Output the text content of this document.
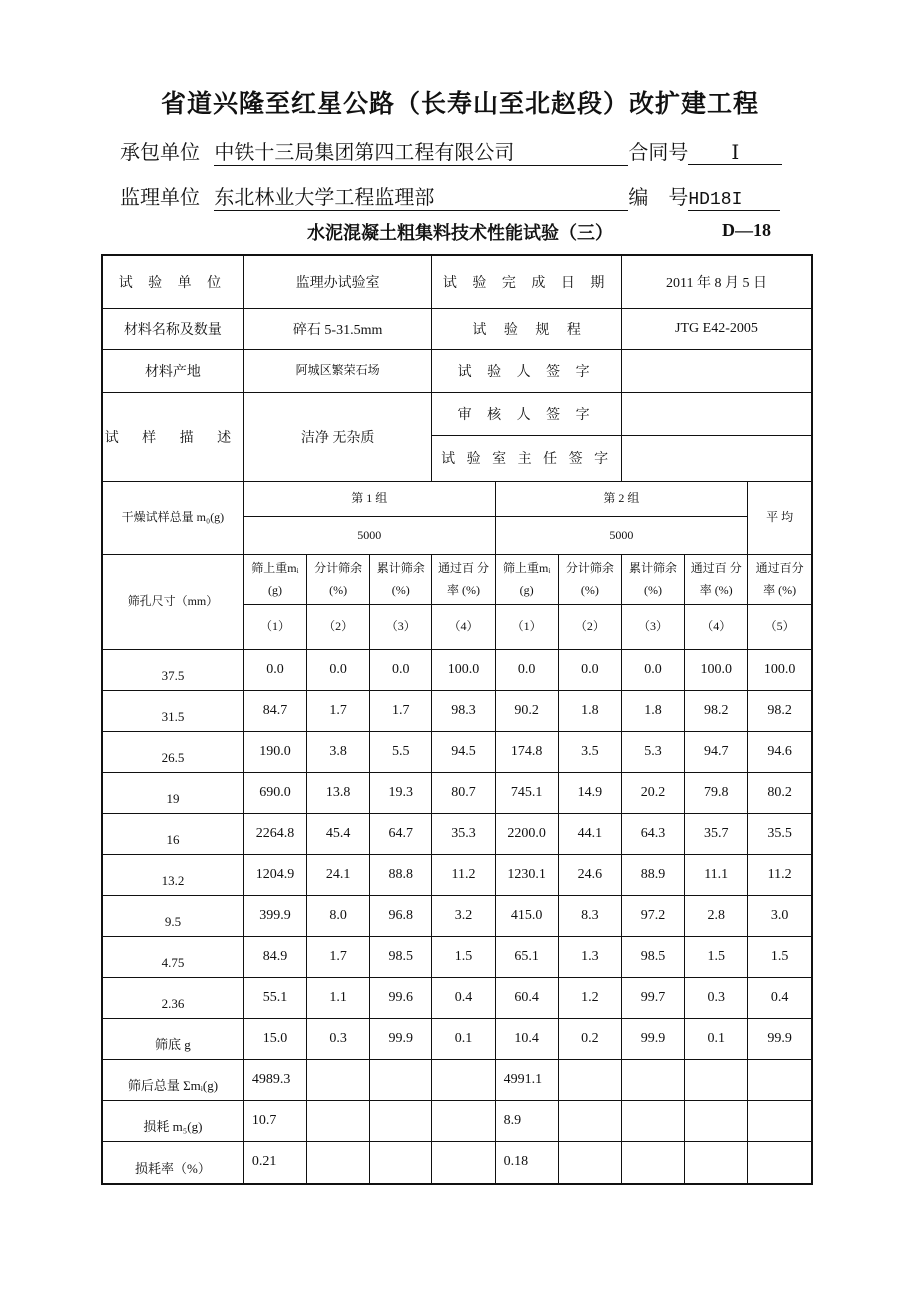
省道兴隆至红星公路（长寿山至北赵段）改扩建工程
承包单位 中铁十三局集团第四工程有限公司	合同号 I
监理单位 东北林业大学工程监理部	编　号HD18I
水泥混凝土粗集料技术性能试验（三）	D—18
试 验 单 位	监理办试验室			试 验 完 成 日 期			2011 年 8 月 5 日		
材料名称及数量	碎石 5-31.5mm			试　 验　 规　 程			JTG E42-2005		
材料产地	阿城区繁荣石场			试 验 人 签 字					
试 样 描 述	洁净 无杂质			审 核 人 签 字					
				试 验 室 主 任 签 字					
干燥试样总量 m₀(g)	第 1 组				第 2 组				平 均
	5000				5000				
筛孔尺寸（mm）	筛上重mᵢ (g)	分计筛余 (%)	累计筛余 (%)	通过百 分率 (%)	筛上重mᵢ (g)	分计筛余 (%)	累计筛余 (%)	通过百 分率 (%)	通过百分 率 (%)
	（1）	（2）	（3）	（4）	（1）	（2）	（3）	（4）	（5）
37.5	0.0	0.0	0.0	100.0	0.0	0.0	0.0	100.0	100.0
31.5	84.7	1.7	1.7	98.3	90.2	1.8	1.8	98.2	98.2
26.5	190.0	3.8	5.5	94.5	174.8	3.5	5.3	94.7	94.6
19	690.0	13.8	19.3	80.7	745.1	14.9	20.2	79.8	80.2
16	2264.8	45.4	64.7	35.3	2200.0	44.1	64.3	35.7	35.5
13.2	1204.9	24.1	88.8	11.2	1230.1	24.6	88.9	11.1	11.2
9.5	399.9	8.0	96.8	3.2	415.0	8.3	97.2	2.8	3.0
4.75	84.9	1.7	98.5	1.5	65.1	1.3	98.5	1.5	1.5
2.36	55.1	1.1	99.6	0.4	60.4	1.2	99.7	0.3	0.4
筛底 g	15.0	0.3	99.9	0.1	10.4	0.2	99.9	0.1	99.9
筛后总量 Σmᵢ(g)	4989.3				4991.1				
损耗 m₅(g)	10.7				8.9				
损耗率（%）	0.21				0.18				
